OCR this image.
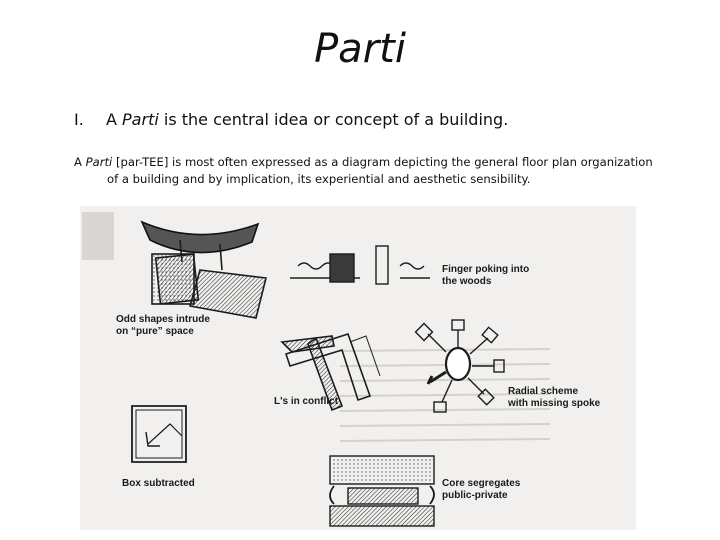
Parti
I. A Parti is the central idea or concept of a building.
A Parti [par-TEE] is most often expressed as a diagram depicting the general floor plan organization
of a building and by implication, its experiential and aesthetic sensibility.
Finger poking into
the woods
Odd shapes intrude
on “pure” space
Radial scheme
with missing spoke
L's in conflict
Box subtracted	Core segregates
public-private
